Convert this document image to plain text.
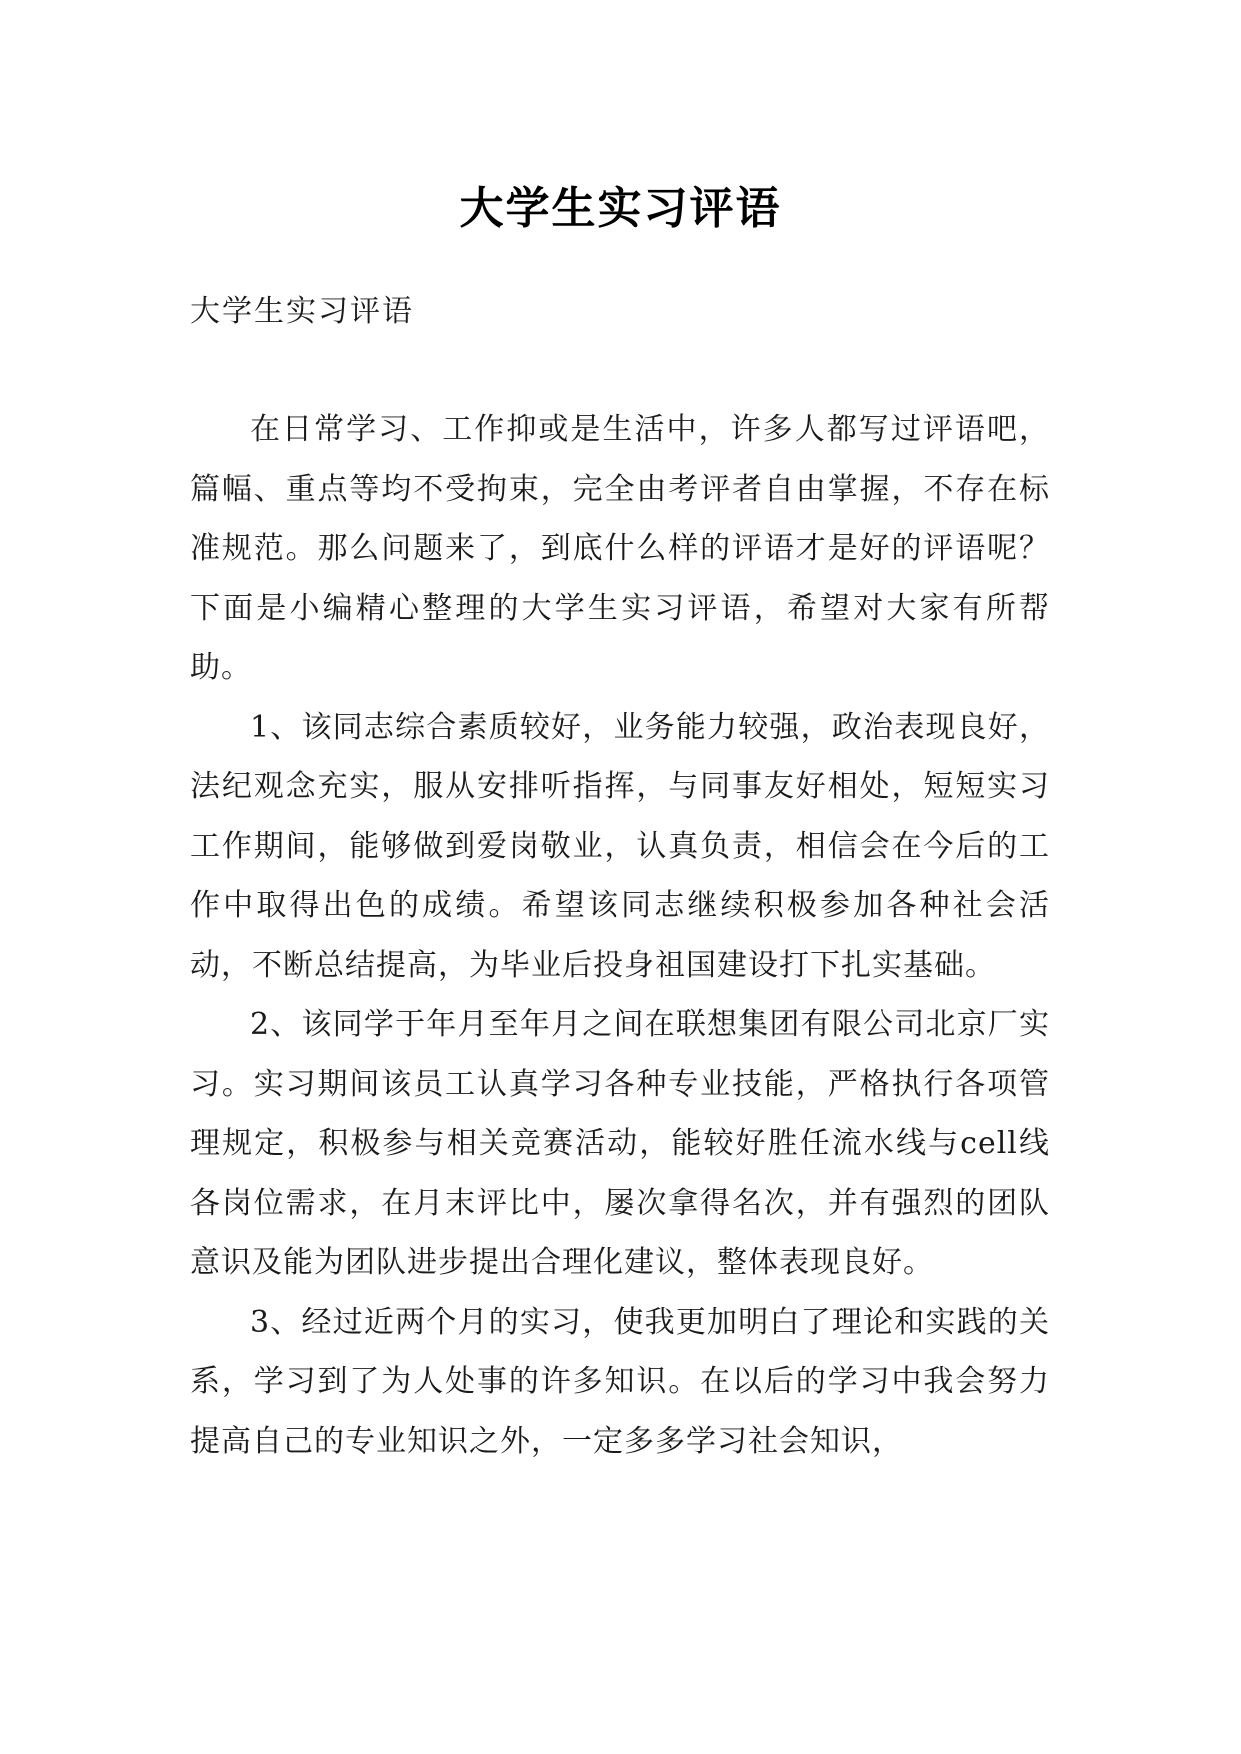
大学生实习评语
大学生实习评语

在日常学习、工作抑或是生活中，许多人都写过评语吧，篇幅、重点等均不受拘束，完全由考评者自由掌握，不存在标准规范。那么问题来了，到底什么样的评语才是好的评语呢？下面是小编精心整理的大学生实习评语，希望对大家有所帮助。

1、该同志综合素质较好，业务能力较强，政治表现良好，法纪观念充实，服从安排听指挥，与同事友好相处，短短实习工作期间，能够做到爱岗敬业，认真负责，相信会在今后的工作中取得出色的成绩。希望该同志继续积极参加各种社会活动，不断总结提高，为毕业后投身祖国建设打下扎实基础。

2、该同学于年月至年月之间在联想集团有限公司北京厂实习。实习期间该员工认真学习各种专业技能，严格执行各项管理规定，积极参与相关竞赛活动，能较好胜任流水线与cell线各岗位需求，在月末评比中，屡次拿得名次，并有强烈的团队意识及能为团队进步提出合理化建议，整体表现良好。

3、经过近两个月的实习，使我更加明白了理论和实践的关系，学习到了为人处事的许多知识。在以后的学习中我会努力提高自己的专业知识之外，一定多多学习社会知识，
